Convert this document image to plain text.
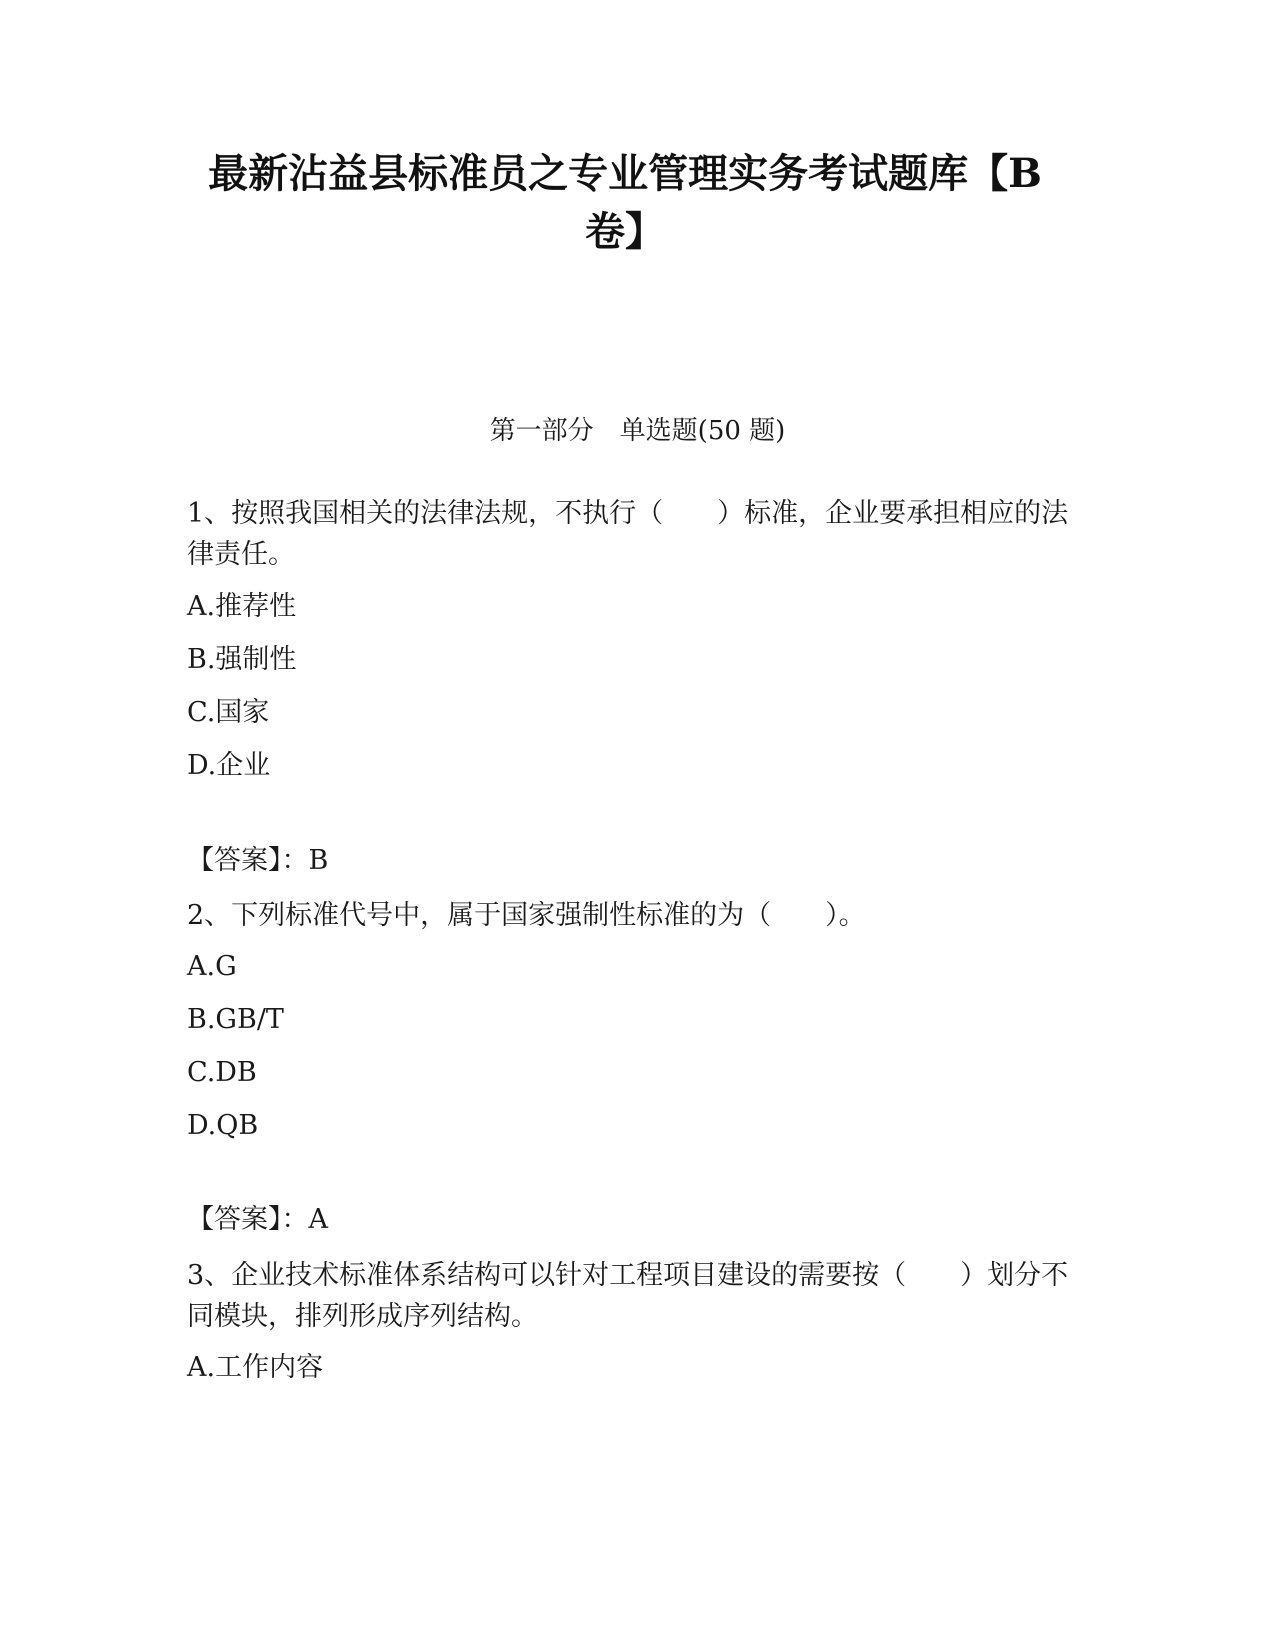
最新沾益县标准员之专业管理实务考试题库【B卷】
第一部分　单选题(50 题)
1、按照我国相关的法律法规，不执行（　　）标准，企业要承担相应的法律责任。
A.推荐性
B.强制性
C.国家
D.企业
【答案】：B
2、下列标准代号中，属于国家强制性标准的为（　　）。
A.G
B.GB/T
C.DB
D.QB
【答案】：A
3、企业技术标准体系结构可以针对工程项目建设的需要按（　　）划分不同模块，排列形成序列结构。
A.工作内容
